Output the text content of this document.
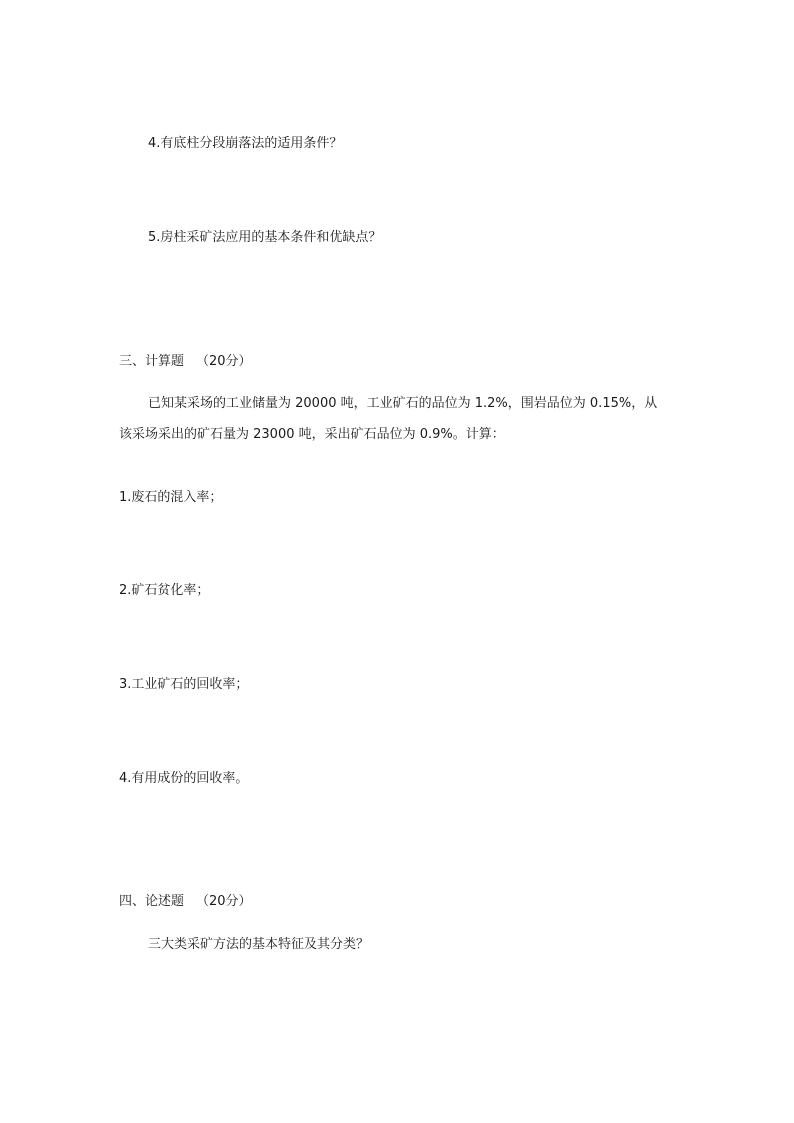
4.有底柱分段崩落法的适用条件？
5.房柱采矿法应用的基本条件和优缺点？
三、计算题 （20分）
已知某采场的工业储量为 20000 吨，工业矿石的品位为 1.2%，围岩品位为 0.15%，从
该采场采出的矿石量为 23000 吨，采出矿石品位为 0.9%。计算：
1.废石的混入率；
2.矿石贫化率；
3.工业矿石的回收率；
4.有用成份的回收率。
四、论述题 （20分）
三大类采矿方法的基本特征及其分类？
